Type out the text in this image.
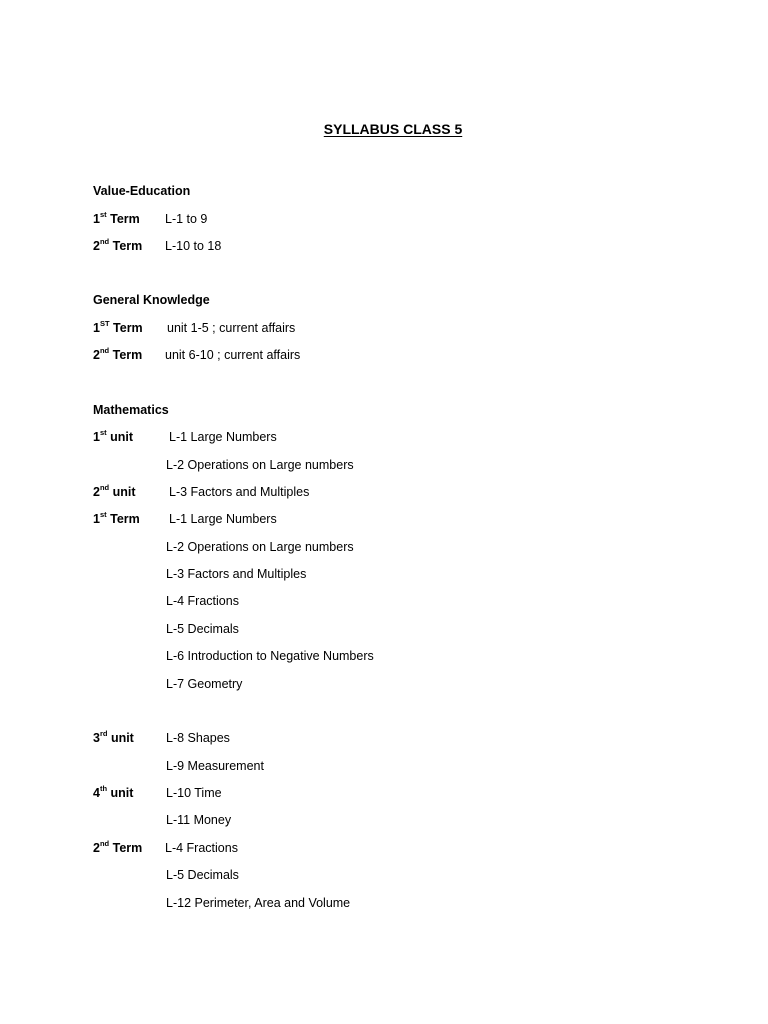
SYLLABUS CLASS 5
Value-Education
1st Term L-1 to 9
2nd Term L-10 to 18
General Knowledge
1ST Term unit 1-5 ; current affairs
2nd Term unit 6-10 ; current affairs
Mathematics
1st unit	L-1 Large Numbers
L-2 Operations on Large numbers
2nd unit	L-3 Factors and Multiples
1st Term L-1 Large Numbers
L-2 Operations on Large numbers
L-3 Factors and Multiples
L-4 Fractions
L-5 Decimals
L-6 Introduction to Negative Numbers
L-7 Geometry
3rd unit	L-8 Shapes
L-9 Measurement
4th unit	L-10 Time
L-11 Money
2nd Term L-4 Fractions
L-5 Decimals
L-12 Perimeter, Area and Volume
